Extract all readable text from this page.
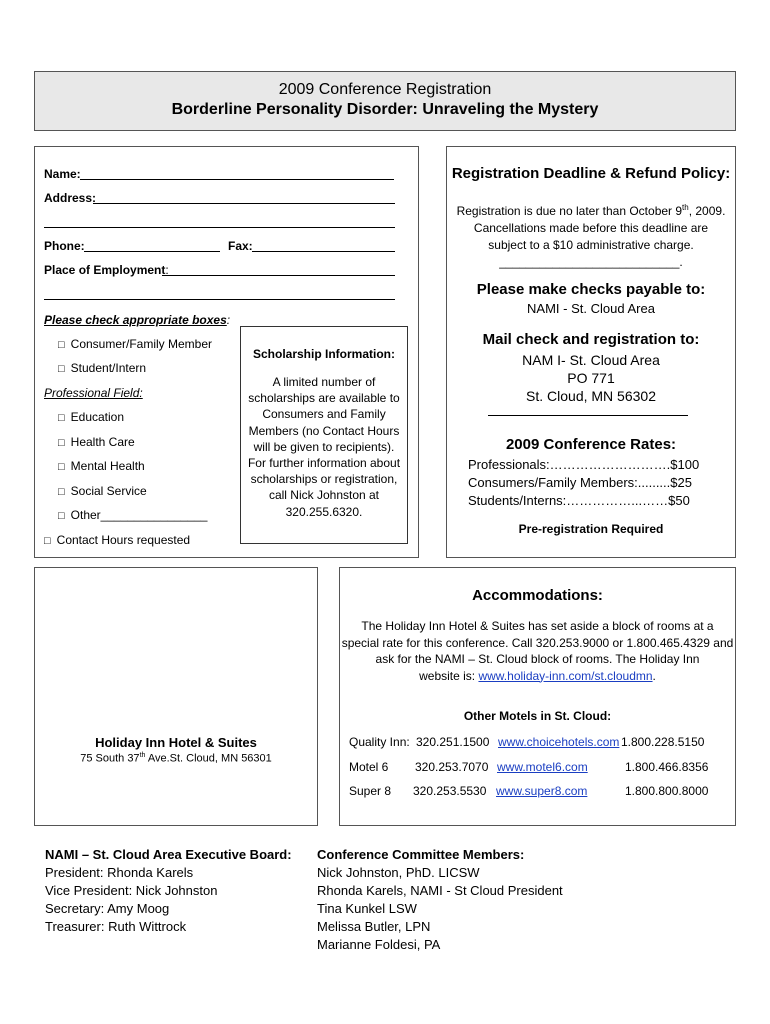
2009 Conference Registration
Borderline Personality Disorder: Unraveling the Mystery
Name:
Address:
Phone:	Fax:
Place of Employment:
Please check appropriate boxes:
□ Consumer/Family Member
□ Student/Intern
Professional Field:
□ Education
□ Health Care
□ Mental Health
□ Social Service
□ Other________________
□ Contact Hours requested
Scholarship Information:
A limited number of
scholarships are available to
Consumers and Family
Members (no Contact Hours
will be given to recipients).
For further information about
scholarships or registration,
call Nick Johnston at
320.255.6320.
Registration Deadline & Refund Policy:
Registration is due no later than October 9th, 2009.
Cancellations made before this deadline are
subject to a $10 administrative charge.
___________________________.
Please make checks payable to:
NAMI - St. Cloud Area
Mail check and registration to:
NAM I- St. Cloud Area
PO 771
St. Cloud, MN 56302
2009 Conference Rates:
Professionals:……………………….$100
Consumers/Family Members:.........$25
Students/Interns:……………...……$50
Pre-registration Required
Holiday Inn Hotel & Suites
75 South 37th Ave.St. Cloud, MN 56301
Accommodations:
The Holiday Inn Hotel & Suites has set aside a block of rooms at a
special rate for this conference. Call 320.253.9000 or 1.800.465.4329 and
ask for the NAMI – St. Cloud block of rooms. The Holiday Inn
website is: www.holiday-inn.com/st.cloudmn.
Other Motels in St. Cloud:
Quality Inn: 320.251.1500 www.choicehotels.com 1.800.228.5150
Motel 6 320.253.7070 www.motel6.com	1.800.466.8356
Super 8 320.253.5530 www.super8.com	1.800.800.8000
NAMI – St. Cloud Area Executive Board:
President: Rhonda Karels
Vice President: Nick Johnston
Secretary: Amy Moog
Treasurer: Ruth Wittrock
Conference Committee Members:
Nick Johnston, PhD. LICSW
Rhonda Karels, NAMI - St Cloud President
Tina Kunkel LSW
Melissa Butler, LPN
Marianne Foldesi, PA
